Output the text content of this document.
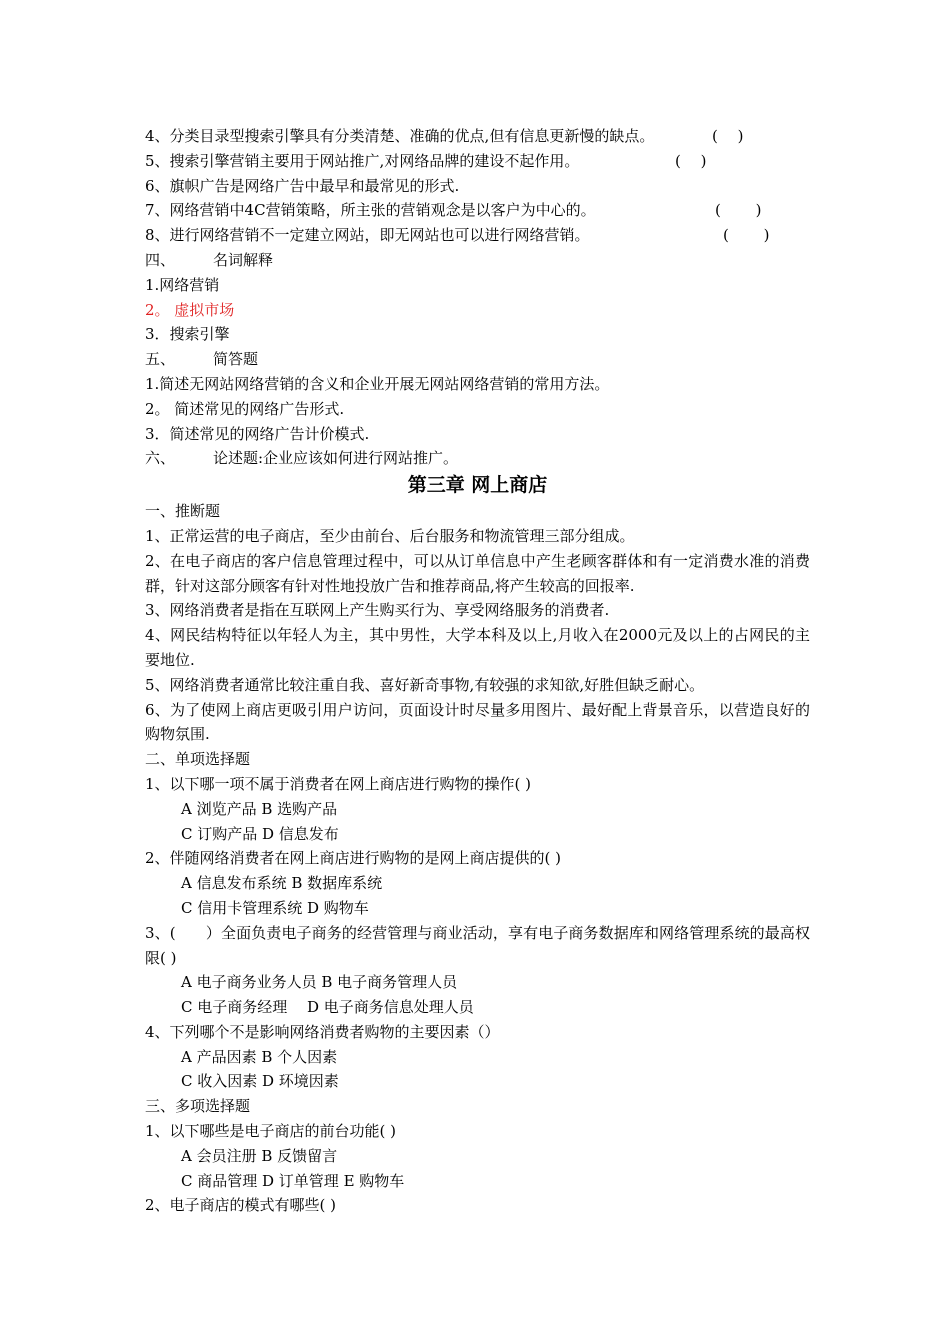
4、分类目录型搜索引擎具有分类清楚、准确的优点,但有信息更新慢的缺点。	(　 )
5、搜索引擎营销主要用于网站推广,对网络品牌的建设不起作用。	(　 )
6、旗帜广告是网络广告中最早和最常见的形式.
7、网络营销中4C营销策略，所主张的营销观念是以客户为中心的。	(　　 )
8、进行网络营销不一定建立网站，即无网站也可以进行网络营销。	(　　 )
四、	名词解释
1.网络营销
2。 虚拟市场
3．搜索引擎
五、	简答题
1.简述无网站网络营销的含义和企业开展无网站网络营销的常用方法。
2。 简述常见的网络广告形式.
3．简述常见的网络广告计价模式.
六、	论述题:企业应该如何进行网站推广。
第三章 网上商店
一、推断题
1、正常运营的电子商店，至少由前台、后台服务和物流管理三部分组成。
2、在电子商店的客户信息管理过程中，可以从订单信息中产生老顾客群体和有一定消费水准的消费群，针对这部分顾客有针对性地投放广告和推荐商品,将产生较高的回报率.
3、网络消费者是指在互联网上产生购买行为、享受网络服务的消费者.
4、网民结构特征以年轻人为主，其中男性，大学本科及以上,月收入在2000元及以上的占网民的主要地位.
5、网络消费者通常比较注重自我、喜好新奇事物,有较强的求知欲,好胜但缺乏耐心。
6、为了使网上商店更吸引用户访问，页面设计时尽量多用图片、最好配上背景音乐，以营造良好的购物氛围.
二、单项选择题
1、以下哪一项不属于消费者在网上商店进行购物的操作( )
A 浏览产品 B 选购产品
C 订购产品 D 信息发布
2、伴随网络消费者在网上商店进行购物的是网上商店提供的( )
A 信息发布系统 B 数据库系统
C 信用卡管理系统 D 购物车
3、(　　）全面负责电子商务的经营管理与商业活动，享有电子商务数据库和网络管理系统的最高权限( )
A 电子商务业务人员 B 电子商务管理人员
C 电子商务经理　 D 电子商务信息处理人员
4、下列哪个不是影响网络消费者购物的主要因素（）
A 产品因素 B 个人因素
C 收入因素 D 环境因素
三、多项选择题
1、以下哪些是电子商店的前台功能( )
A 会员注册 B 反馈留言
C 商品管理 D 订单管理 E 购物车
2、电子商店的模式有哪些( )
